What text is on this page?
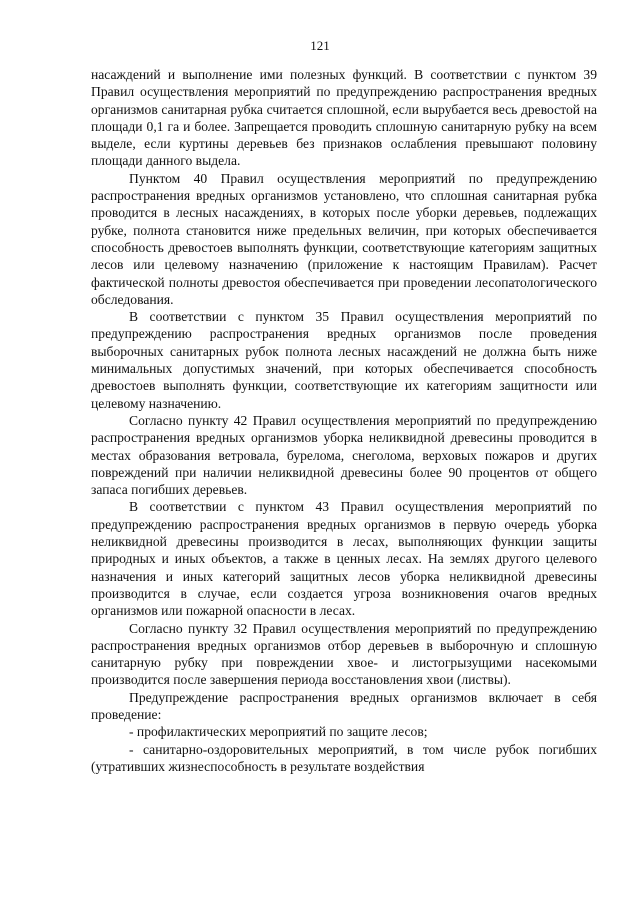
121

насаждений и выполнение ими полезных функций. В соответствии с пунктом 39 Правил осуществления мероприятий по предупреждению распространения вредных организмов санитарная рубка считается сплошной, если вырубается весь древостой на площади 0,1 га и более. Запрещается проводить сплошную санитарную рубку на всем выделе, если куртины деревьев без признаков ослабления превышают половину площади данного выдела.

Пунктом 40 Правил осуществления мероприятий по предупреждению распространения вредных организмов установлено, что сплошная санитарная рубка проводится в лесных насаждениях, в которых после уборки деревьев, подлежащих рубке, полнота становится ниже предельных величин, при которых обеспечивается способность древостоев выполнять функции, соответствующие категориям защитных лесов или целевому назначению (приложение к настоящим Правилам). Расчет фактической полноты древостоя обеспечивается при проведении лесопатологического обследования.

В соответствии с пунктом 35 Правил осуществления мероприятий по предупреждению распространения вредных организмов после проведения выборочных санитарных рубок полнота лесных насаждений не должна быть ниже минимальных допустимых значений, при которых обеспечивается способность древостоев выполнять функции, соответствующие их категориям защитности или целевому назначению.

Согласно пункту 42 Правил осуществления мероприятий по предупреждению распространения вредных организмов уборка неликвидной древесины проводится в местах образования ветровала, бурелома, снеголома, верховых пожаров и других повреждений при наличии неликвидной древесины более 90 процентов от общего запаса погибших деревьев.

В соответствии с пунктом 43 Правил осуществления мероприятий по предупреждению распространения вредных организмов в первую очередь уборка неликвидной древесины производится в лесах, выполняющих функции защиты природных и иных объектов, а также в ценных лесах. На землях другого целевого назначения и иных категорий защитных лесов уборка неликвидной древесины производится в случае, если создается угроза возникновения очагов вредных организмов или пожарной опасности в лесах.

Согласно пункту 32 Правил осуществления мероприятий по предупреждению распространения вредных организмов отбор деревьев в выборочную и сплошную санитарную рубку при повреждении хвое- и листогрызущими насекомыми производится после завершения периода восстановления хвои (листвы).

Предупреждение распространения вредных организмов включает в себя проведение:

- профилактических мероприятий по защите лесов;

- санитарно-оздоровительных мероприятий, в том числе рубок погибших (утративших жизнеспособность в результате воздействия
